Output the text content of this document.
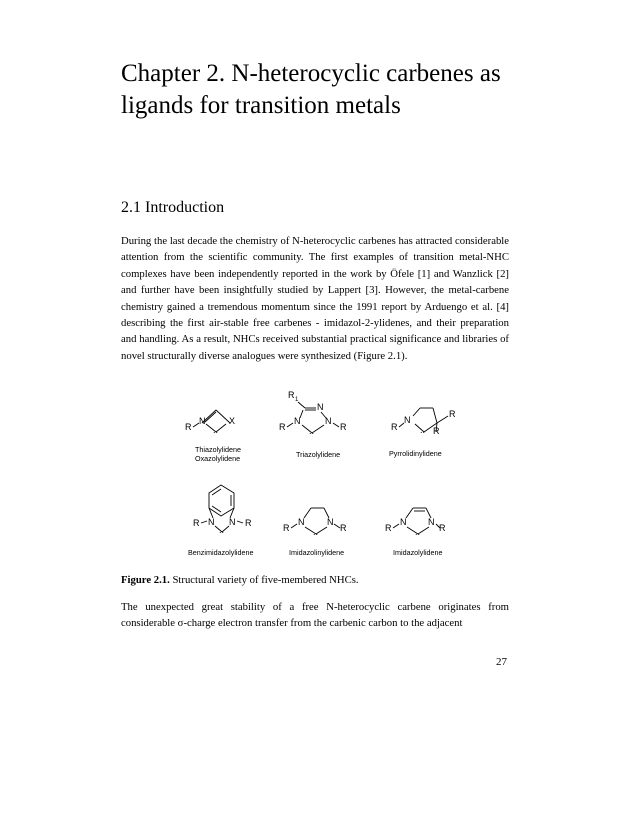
Chapter 2. N-heterocyclic carbenes as
ligands for transition metals
2.1 Introduction

During the last decade the chemistry of N-heterocyclic carbenes has attracted considerable attention from the scientific community. The first examples of transition metal-NHC complexes have been independently reported in the work by Öfele [1] and Wanzlick [2] and further have been insightfully studied by Lappert [3]. However, the metal-carbene chemistry gained a tremendous momentum since the 1991 report by Arduengo et al. [4] describing the first air-stable free carbenes - imidazol-2-ylidenes, and their preparation and handling. As a result, NHCs received substantial practical significance and libraries of novel structurally diverse analogues were synthesized (Figure 2.1).

N	X
R ..
Thiazolylidene
Oxazolylidene
R 1
N
N	N
R	R
..
Triazolylidene
N
R
R
R	..
Pyrrolidinylidene
N N
R	R
..
Benzimidazolylidene
N	N
R	R
..
Imidazolinylidene
N N
R	R
..
Imidazolylidene

Figure 2.1. Structural variety of five-membered NHCs.

The unexpected great stability of a free N-heterocyclic carbene originates from considerable σ-charge electron transfer from the carbenic carbon to the adjacent

27
